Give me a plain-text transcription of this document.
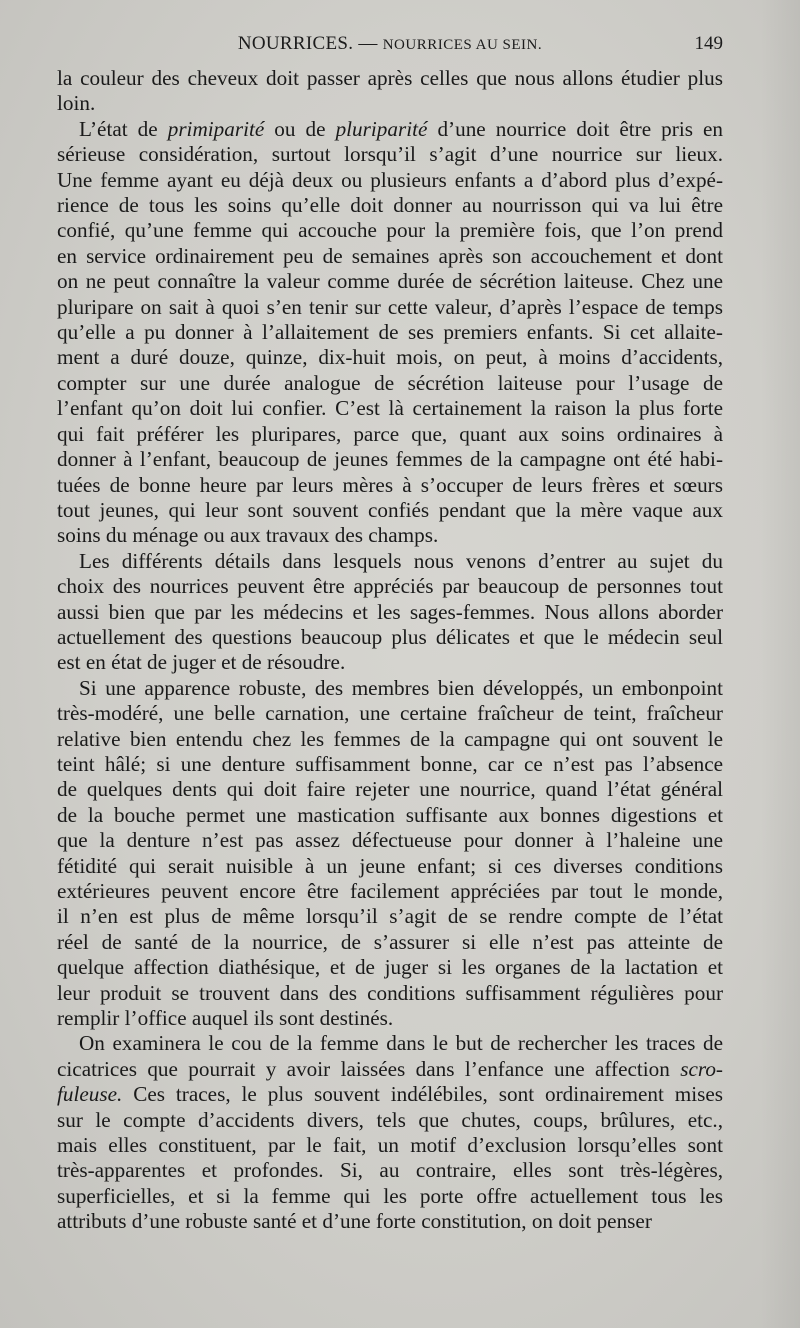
NOURRICES. — NOURRICES AU SEIN.	149

la couleur des cheveux doit passer après celles que nous allons étudier plus
loin.

L’état de primiparité ou de pluriparité d’une nourrice doit être pris en
sérieuse considération, surtout lorsqu’il s’agit d’une nourrice sur lieux.
Une femme ayant eu déjà deux ou plusieurs enfants a d’abord plus d’expé-
rience de tous les soins qu’elle doit donner au nourrisson qui va lui être
confié, qu’une femme qui accouche pour la première fois, que l’on prend
en service ordinairement peu de semaines après son accouchement et dont
on ne peut connaître la valeur comme durée de sécrétion laiteuse. Chez une
pluripare on sait à quoi s’en tenir sur cette valeur, d’après l’espace de temps
qu’elle a pu donner à l’allaitement de ses premiers enfants. Si cet allaite-
ment a duré douze, quinze, dix-huit mois, on peut, à moins d’accidents,
compter sur une durée analogue de sécrétion laiteuse pour l’usage de
l’enfant qu’on doit lui confier. C’est là certainement la raison la plus forte
qui fait préférer les pluripares, parce que, quant aux soins ordinaires à
donner à l’enfant, beaucoup de jeunes femmes de la campagne ont été habi-
tuées de bonne heure par leurs mères à s’occuper de leurs frères et sœurs
tout jeunes, qui leur sont souvent confiés pendant que la mère vaque aux
soins du ménage ou aux travaux des champs.

Les différents détails dans lesquels nous venons d’entrer au sujet du
choix des nourrices peuvent être appréciés par beaucoup de personnes tout
aussi bien que par les médecins et les sages-femmes. Nous allons aborder
actuellement des questions beaucoup plus délicates et que le médecin seul
est en état de juger et de résoudre.

Si une apparence robuste, des membres bien développés, un embonpoint
très-modéré, une belle carnation, une certaine fraîcheur de teint, fraîcheur
relative bien entendu chez les femmes de la campagne qui ont souvent le
teint hâlé; si une denture suffisamment bonne, car ce n’est pas l’absence
de quelques dents qui doit faire rejeter une nourrice, quand l’état général
de la bouche permet une mastication suffisante aux bonnes digestions et
que la denture n’est pas assez défectueuse pour donner à l’haleine une
fétidité qui serait nuisible à un jeune enfant; si ces diverses conditions
extérieures peuvent encore être facilement appréciées par tout le monde,
il n’en est plus de même lorsqu’il s’agit de se rendre compte de l’état
réel de santé de la nourrice, de s’assurer si elle n’est pas atteinte de
quelque affection diathésique, et de juger si les organes de la lactation et
leur produit se trouvent dans des conditions suffisamment régulières pour
remplir l’office auquel ils sont destinés.

On examinera le cou de la femme dans le but de rechercher les traces de
cicatrices que pourrait y avoir laissées dans l’enfance une affection scro-
fuleuse. Ces traces, le plus souvent indélébiles, sont ordinairement mises
sur le compte d’accidents divers, tels que chutes, coups, brûlures, etc.,
mais elles constituent, par le fait, un motif d’exclusion lorsqu’elles sont
très-apparentes et profondes. Si, au contraire, elles sont très-légères,
superficielles, et si la femme qui les porte offre actuellement tous les
attributs d’une robuste santé et d’une forte constitution, on doit penser
